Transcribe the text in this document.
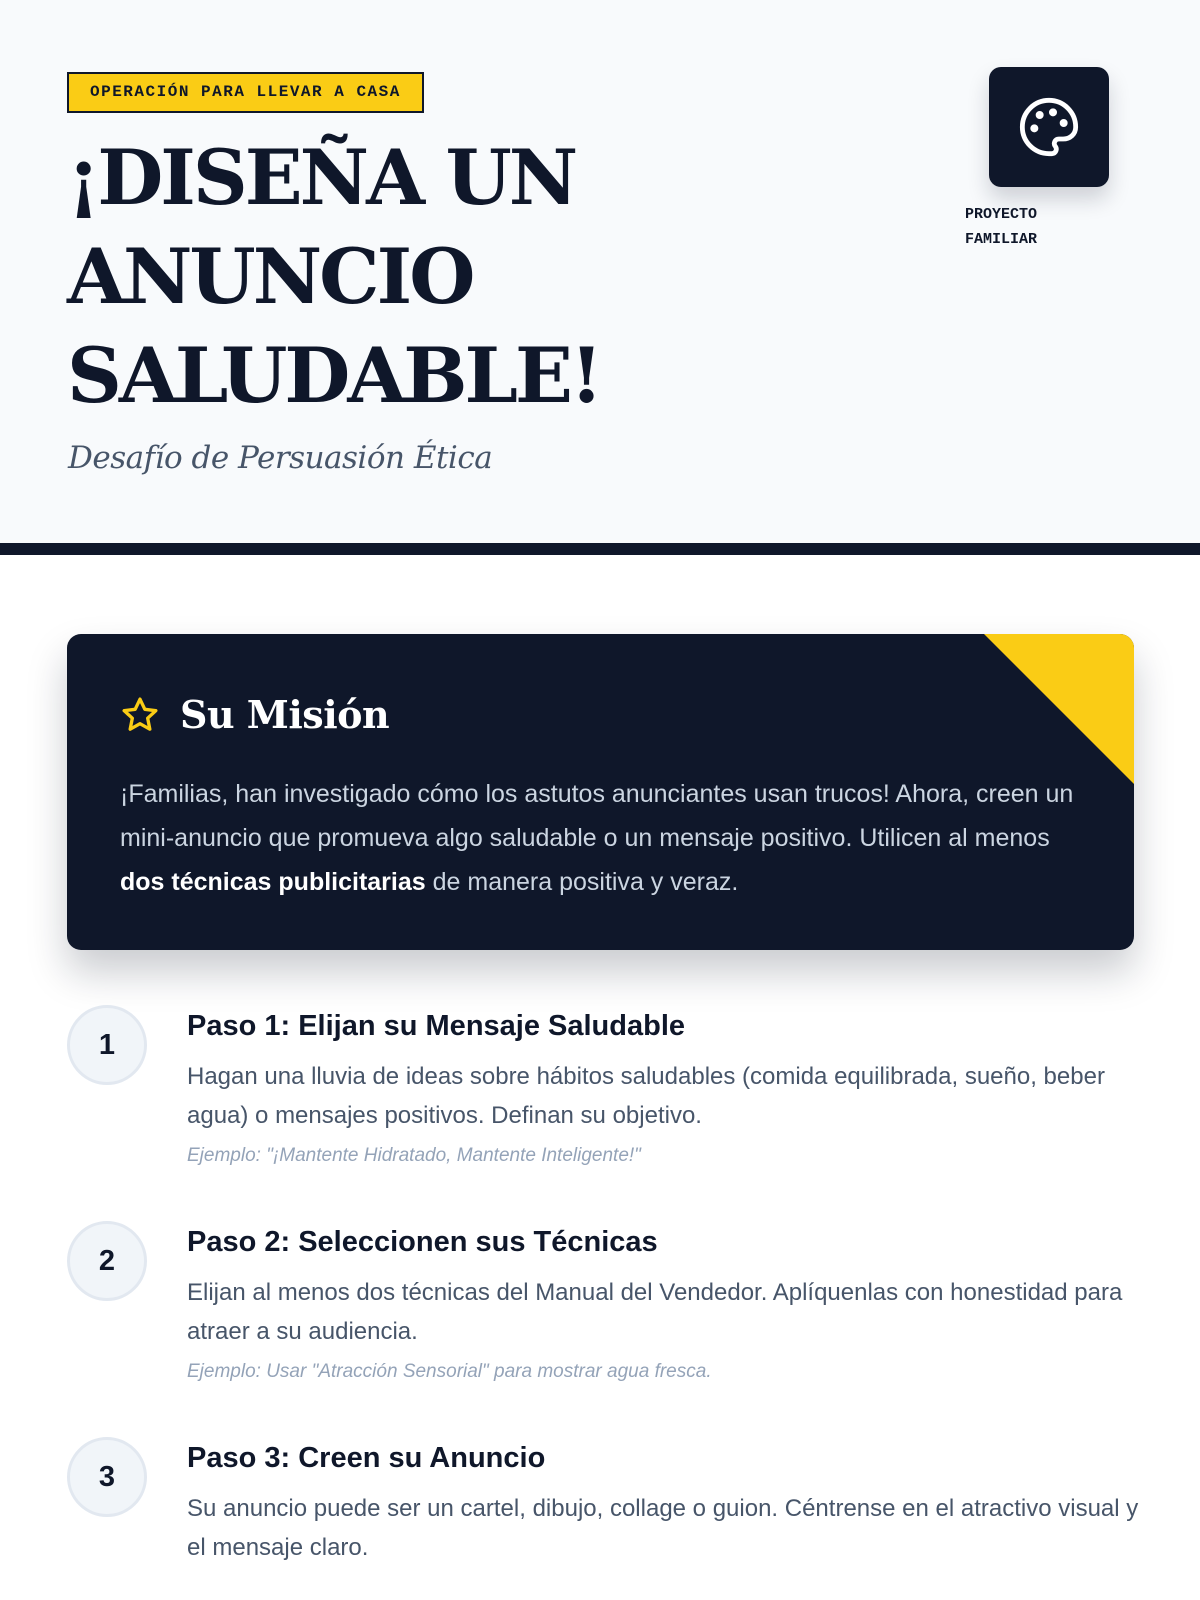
OPERACIÓN PARA LLEVAR A CASA
¡DISEÑA UN
ANUNCIO
SALUDABLE!
Desafío de Persuasión Ética
PROYECTO
FAMILIAR
Su Misión

¡Familias, han investigado cómo los astutos anunciantes usan trucos! Ahora, creen un mini-anuncio que promueva algo saludable o un mensaje positivo. Utilicen al menos dos técnicas publicitarias de manera positiva y veraz.

1
Paso 1: Elijan su Mensaje Saludable

Hagan una lluvia de ideas sobre hábitos saludables (comida equilibrada, sueño, beber agua) o mensajes positivos. Definan su objetivo.

Ejemplo: "¡Mantente Hidratado, Mantente Inteligente!"

2
Paso 2: Seleccionen sus Técnicas

Elijan al menos dos técnicas del Manual del Vendedor. Aplíquenlas con honestidad para atraer a su audiencia.

Ejemplo: Usar "Atracción Sensorial" para mostrar agua fresca.

3
Paso 3: Creen su Anuncio

Su anuncio puede ser un cartel, dibujo, collage o guion. Céntrense en el atractivo visual y el mensaje claro.
